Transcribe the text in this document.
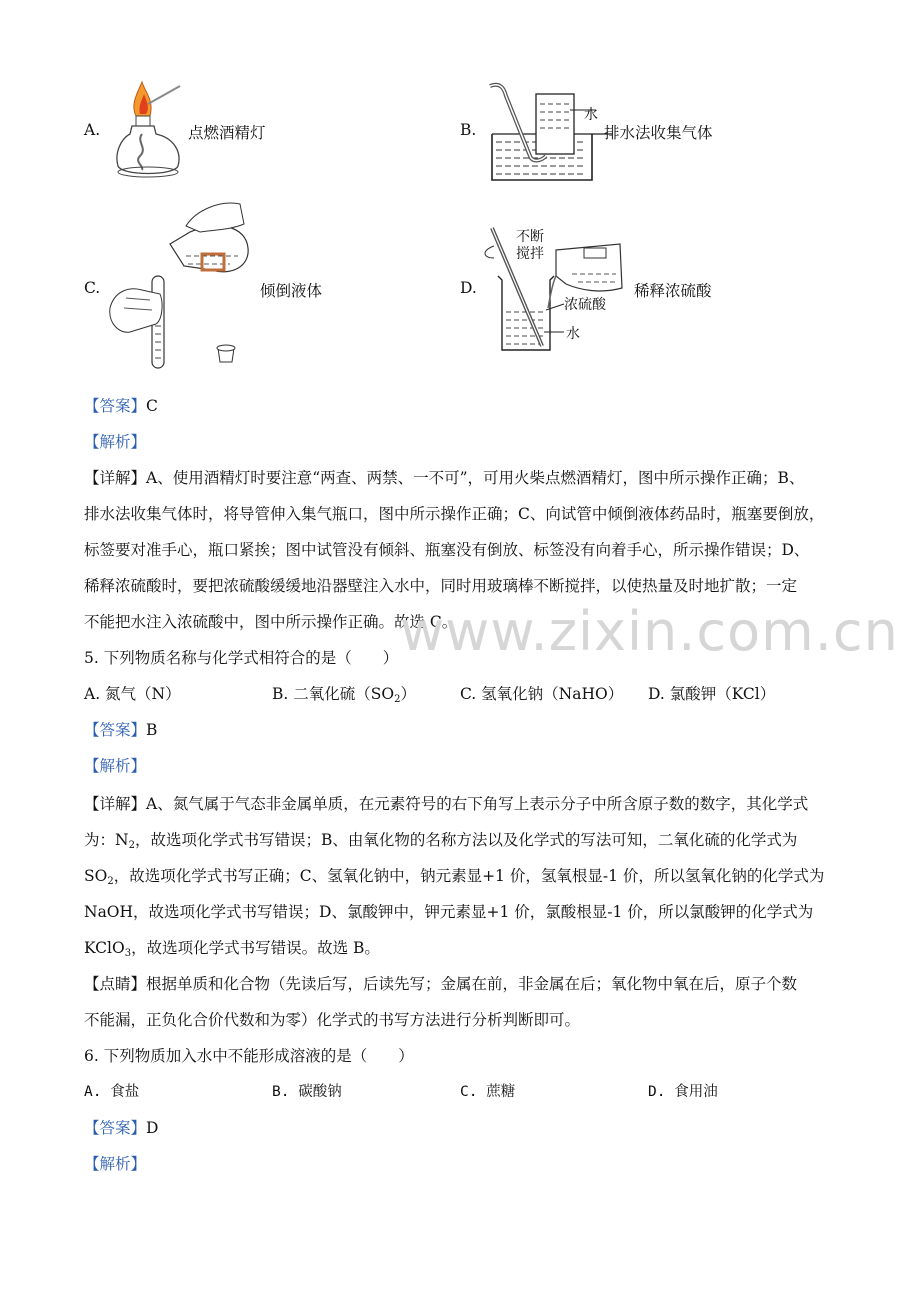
A.	点燃酒精灯	B.
水
排水法收集气体
C.	倾倒液体	D.
不断
搅拌
浓硫酸
水
稀释浓硫酸
【答案】C
【解析】
【详解】A、使用酒精灯时要注意“两查、两禁、一不可”，可用火柴点燃酒精灯，图中所示操作正确；B、
排水法收集气体时，将导管伸入集气瓶口，图中所示操作正确；C、向试管中倾倒液体药品时，瓶塞要倒放，
标签要对准手心，瓶口紧挨；图中试管没有倾斜、瓶塞没有倒放、标签没有向着手心，所示操作错误；D、
稀释浓硫酸时，要把浓硫酸缓缓地沿器壁注入水中，同时用玻璃棒不断搅拌，以使热量及时地扩散；一定
不能把水注入浓硫酸中，图中所示操作正确。故选 C。
www.zixin.com.cn
5. 下列物质名称与化学式相符合的是（　　）
A. 氮气（N）	B. 二氧化硫$(SO_2)$	C. 氢氧化钠（NaHO） D. 氯酸钾（KCl）
【答案】B
【解析】
【详解】A、氮气属于气态非金属单质，在元素符号的右下角写上表示分子中所含原子数的数字，其化学式
为：$N_2$，故选项化学式书写错误；B、由氧化物的名称方法以及化学式的写法可知，二氧化硫的化学式为
$SO_2$，故选项化学式书写正确；C、氢氧化钠中，钠元素显+1 价，氢氧根显-1 价，所以氢氧化钠的化学式为
NaOH，故选项化学式书写错误；D、氯酸钾中，钾元素显+1 价，氯酸根显-1 价，所以氯酸钾的化学式为
KClO$_3$，故选项化学式书写错误。故选 B。
【点睛】根据单质和化合物（先读后写，后读先写；金属在前，非金属在后；氧化物中氧在后，原子个数
不能漏，正负化合价代数和为零）化学式的书写方法进行分析判断即可。
6. 下列物质加入水中不能形成溶液的是（　　）
A. 食盐	B. 碳酸钠	C. 蔗糖	D. 食用油
【答案】D
【解析】
